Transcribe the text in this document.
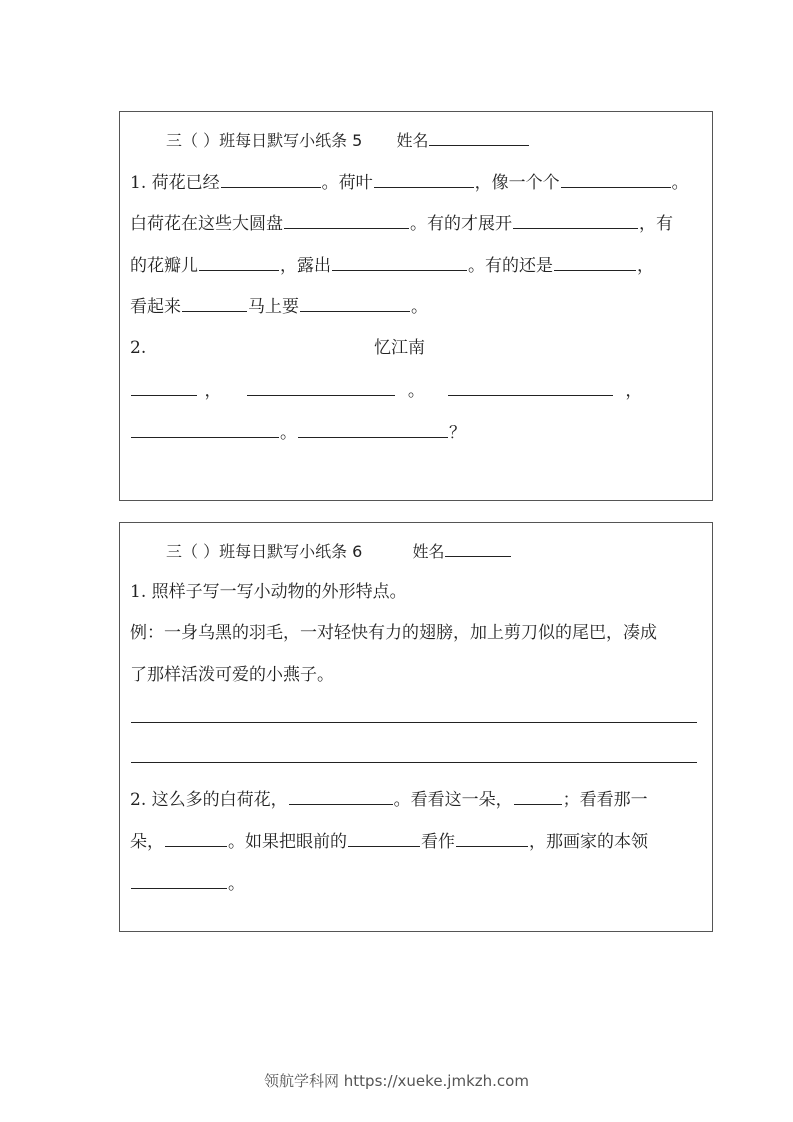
三（ ）班每日默写小纸条 5 姓名
1. 荷花已经	。荷叶	，像一个个	。
白荷花在这些大圆盘	。有的才展开	，有
的花瓣儿	，露出	。有的还是	，
看起来	马上要	。
2.	忆江南
，	。	，
。	？
三（ ）班每日默写小纸条 6	姓名
1. 照样子写一写小动物的外形特点。
例：一身乌黑的羽毛，一对轻快有力的翅膀，加上剪刀似的尾巴，凑成
了那样活泼可爱的小燕子。
2. 这么多的白荷花，	。看看这一朵，	；看看那一
朵，	。如果把眼前的	看作	，那画家的本领
。
领航学科网 https://xueke.jmkzh.com
